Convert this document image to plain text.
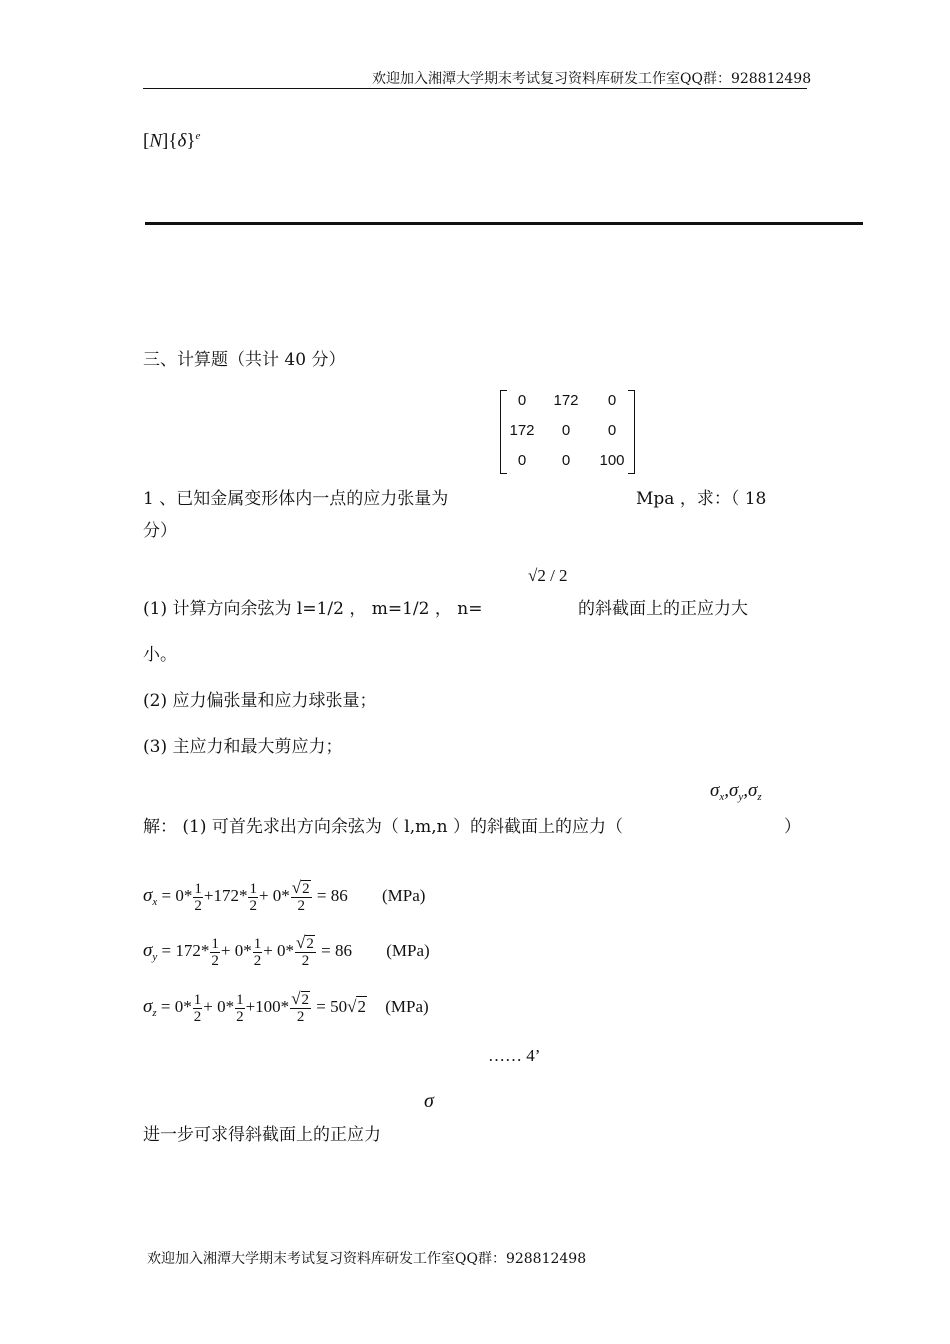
欢迎加入湘潭大学期末考试复习资料库研发工作室QQ群：928812498
$[N]\{\delta\}^e$
三、计算题（共计 40 分）
0	172	0
172	0	0
0	0	100
1 、已知金属变形体内一点的应力张量为	Mpa ，求：（ 18
分）
√2 / 2
(1) 计算方向余弦为 l=1/2 ， m=1/2 ， n=	的斜截面上的正应力大
小。
(2) 应力偏张量和应力球张量；
(3) 主应力和最大剪应力；
$\sigma_x,\sigma_y,\sigma_z$
解： (1) 可首先求出方向余弦为（ l,m,n ）的斜截面上的应力（	）
$\sigma_x = 0* \frac{1}{2} +172* \frac{1}{2} + 0* \frac{√2}{2} = 86$ (MPa)
$\sigma_y = 172* \frac{1}{2} + 0* \frac{1}{2} + 0* \frac{√2}{2} = 86$ (MPa)
$\sigma_z = 0* \frac{1}{2} + 0* \frac{1}{2} +100* \frac{√2}{2} = 50√2$ (MPa)
…… 4’
σ
进一步可求得斜截面上的正应力
欢迎加入湘潭大学期末考试复习资料库研发工作室QQ群：928812498
